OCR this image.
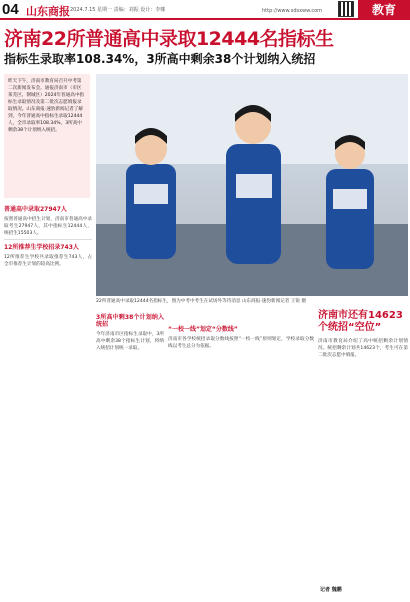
04 山东商报 2024.7.15 星期一 责编：刘振 设计：李娜	http://www.sdsxww.com	教育
济南22所普通高中录取12444名指标生
指标生录取率108.34%，3所高中剩余38个计划纳入统招

昨天下午，济南市教育局召开中考第二次新闻发布会。通报济南市（市区莱芜区、钢城区）2024年普通高中指标生录取情况及第二批次志愿填报录取情况。山东商报·速豹新闻记者了解到，今年普通高中指标生录取12444人，全市录取率108.34%，3所高中剩余38个计划纳入统招。

22所普通高中录取12444名指标生，图为中考中考生在试场外等待消息 山东商报·速豹新闻记者 王锐 摄
普通高中录取27947人

按照普通高中招生计划，济南市普通高中录取考生27947人，其中指标生12444人，统招生15503人。

12所推荐生学校招录743人

12所推荐生学校共录取推荐生743人，占全市推荐生计划的较高比例。

3所高中剩38个计划纳入统招

今年济南市区指标生录取中，3所高中剩余38个指标生计划，将纳入统招计划统一录取。

“一校一线”划定“分数线”

济南市各学校统招录取分数线按照“一校一线”原则划定，学校录取分数线以考生总分为依据。

济南市还有14623个统招“空位”

济南市教育局介绍了高中统招剩余计划情况。统招剩余计划共14623个，考生可在第二批次志愿中填报。

记者 魏鹏
